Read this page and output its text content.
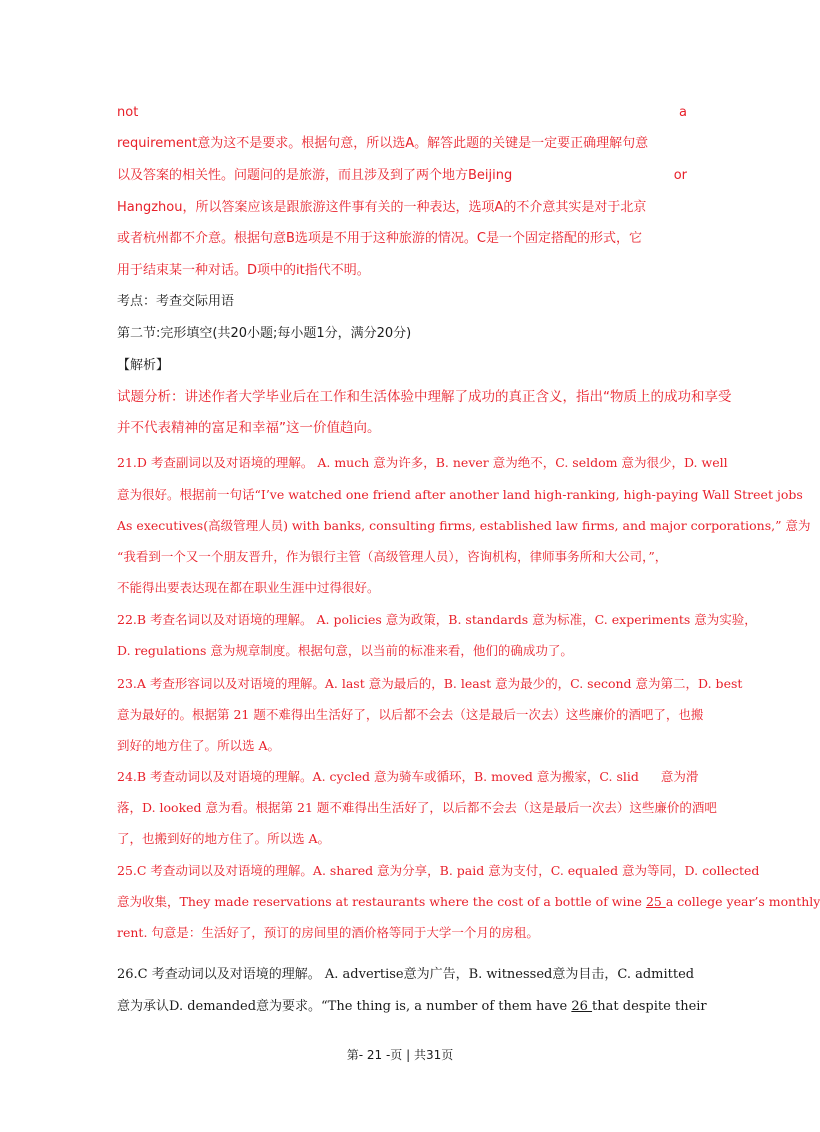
not	a
requirement意为这不是要求。根据句意，所以选A。解答此题的关键是一定要正确理解句意
以及答案的相关性。问题问的是旅游，而且涉及到了两个地方Beijing	or
Hangzhou，所以答案应该是跟旅游这件事有关的一种表达，选项A的不介意其实是对于北京
或者杭州都不介意。根据句意B选项是不用于这种旅游的情况。C是一个固定搭配的形式，它
用于结束某一种对话。D项中的it指代不明。
考点：考查交际用语
第二节:完形填空(共20小题;每小题1分，满分20分)
【解析】
试题分析：讲述作者大学毕业后在工作和生活体验中理解了成功的真正含义，指出“物质上的成功和享受
并不代表精神的富足和幸福”这一价值趋向。
21.D 考查副词以及对语境的理解。 A. much 意为许多，B. never 意为绝不，C. seldom 意为很少，D. well
意为很好。根据前一句话“I’ve watched one friend after another land high-ranking, high-paying Wall Street jobs
As executives(高级管理人员) with banks, consulting firms, established law firms, and major corporations,” 意为
“我看到一个又一个朋友晋升，作为银行主管（高级管理人员），咨询机构，律师事务所和大公司，”，
不能得出要表达现在都在职业生涯中过得很好。
22.B 考查名词以及对语境的理解。 A. policies 意为政策，B. standards 意为标准，C. experiments 意为实验，
D. regulations 意为规章制度。根据句意，以当前的标准来看，他们的确成功了。
23.A 考查形容词以及对语境的理解。A. last 意为最后的，B. least 意为最少的，C. second 意为第二，D. best
意为最好的。根据第 21 题不难得出生活好了，以后都不会去（这是最后一次去）这些廉价的酒吧了，也搬
到好的地方住了。所以选 A。
24.B 考查动词以及对语境的理解。A. cycled 意为骑车或循环，B. moved 意为搬家，C. slid 意为滑
落，D. looked 意为看。根据第 21 题不难得出生活好了，以后都不会去（这是最后一次去）这些廉价的酒吧
了，也搬到好的地方住了。所以选 A。
25.C 考查动词以及对语境的理解。A. shared 意为分享，B. paid 意为支付，C. equaled 意为等同，D. collected
意为收集，They made reservations at restaurants where the cost of a bottle of wine 25 a college year’s monthly
rent. 句意是：生活好了，预订的房间里的酒价格等同于大学一个月的房租。
26.C 考查动词以及对语境的理解。 A. advertise意为广告，B. witnessed意为目击，C. admitted
意为承认D. demanded意为要求。“The thing is, a number of them have 26 that despite their
第- 21 -页 | 共31页
